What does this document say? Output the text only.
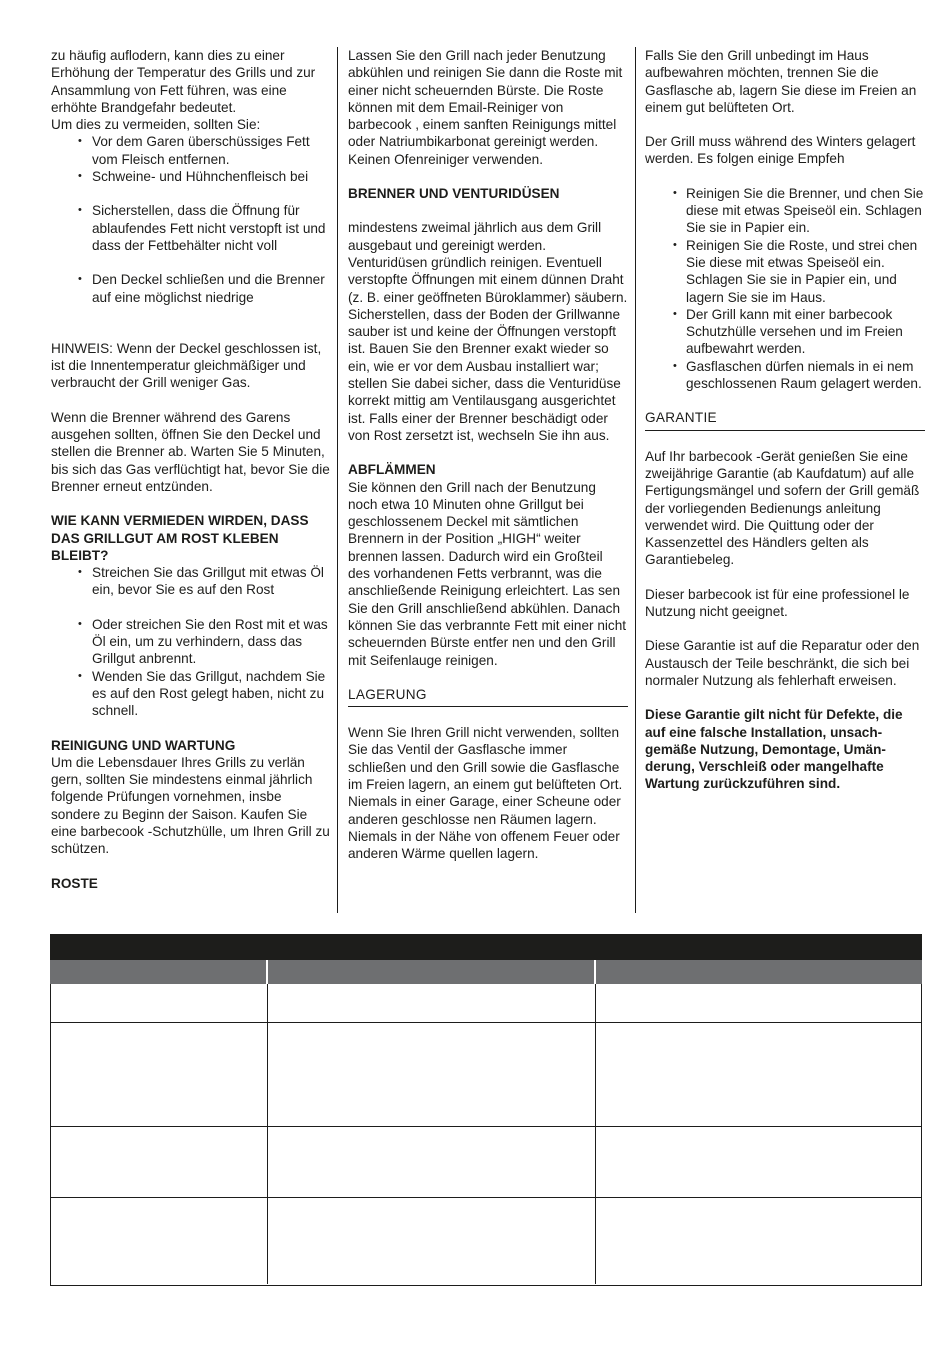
zu häufig auflodern, kann dies zu einer Erhöhung der Temperatur des Grills und zur Ansammlung von Fett führen, was eine erhöhte Brandgefahr bedeutet.

Um dies zu vermeiden, sollten Sie:

• Vor dem Garen überschüssiges Fett vom Fleisch entfernen.
• Schweine- und Hühnchenfleisch bei
• Sicherstellen, dass die Öffnung für ablaufendes Fett nicht verstopft ist und dass der Fettbehälter nicht voll
• Den Deckel schließen und die Brenner auf eine möglichst niedrige

HINWEIS: Wenn der Deckel geschlossen ist, ist die Innentemperatur gleichmäßiger und verbraucht der Grill weniger Gas.

Wenn die Brenner während des Garens ausgehen sollten, öffnen Sie den Deckel und stellen die Brenner ab. Warten Sie 5 Minuten, bis sich das Gas verflüchtigt hat, bevor Sie die Brenner erneut entzünden.

WIE KANN VERMIEDEN WIRDEN, DASS DAS GRILLGUT AM ROST KLEBEN BLEIBT?
• Streichen Sie das Grillgut mit etwas Öl ein, bevor Sie es auf den Rost
• Oder streichen Sie den Rost mit et was Öl ein, um zu verhindern, dass das Grillgut anbrennt.
• Wenden Sie das Grillgut, nachdem Sie es auf den Rost gelegt haben, nicht zu schnell.
REINIGUNG UND WARTUNG

Um die Lebensdauer Ihres Grills zu verlän gern, sollten Sie mindestens einmal jährlich folgende Prüfungen vornehmen, insbe sondere zu Beginn der Saison. Kaufen Sie eine barbecook -Schutzhülle, um Ihren Grill zu schützen.

ROSTE

Lassen Sie den Grill nach jeder Benutzung abkühlen und reinigen Sie dann die Roste mit einer nicht scheuernden Bürste. Die Roste können mit dem Email-Reiniger von barbecook , einem sanften Reinigungs mittel oder Natriumbikarbonat gereinigt werden. Keinen Ofenreiniger verwenden.

BRENNER UND VENTURIDÜSEN

mindestens zweimal jährlich aus dem Grill ausgebaut und gereinigt werden. Venturidüsen gründlich reinigen. Eventuell verstopfte Öffnungen mit einem dünnen Draht (z. B. einer geöffneten Büroklammer) säubern. Sicherstellen, dass der Boden der Grillwanne sauber ist und keine der Öffnungen verstopft ist. Bauen Sie den Brenner exakt wieder so ein, wie er vor dem Ausbau installiert war; stellen Sie dabei sicher, dass die Venturidüse korrekt mittig am Ventilausgang ausgerichtet ist. Falls einer der Brenner beschädigt oder von Rost zersetzt ist, wechseln Sie ihn aus.

ABFLÄMMEN

Sie können den Grill nach der Benutzung noch etwa 10 Minuten ohne Grillgut bei geschlossenem Deckel mit sämtlichen Brennern in der Position „HIGH“ weiter brennen lassen. Dadurch wird ein Großteil des vorhandenen Fetts verbrannt, was die anschließende Reinigung erleichtert. Las sen Sie den Grill anschließend abkühlen. Danach können Sie das verbrannte Fett mit einer nicht scheuernden Bürste entfer nen und den Grill mit Seifenlauge reinigen.

LAGERUNG

Wenn Sie Ihren Grill nicht verwenden, sollten Sie das Ventil der Gasflasche immer schließen und den Grill sowie die Gasflasche im Freien lagern, an einem gut belüfteten Ort. Niemals in einer Garage, einer Scheune oder anderen geschlosse nen Räumen lagern. Niemals in der Nähe von offenem Feuer oder anderen Wärme quellen lagern.

Falls Sie den Grill unbedingt im Haus aufbewahren möchten, trennen Sie die Gasflasche ab, lagern Sie diese im Freien an einem gut belüfteten Ort.

Der Grill muss während des Winters gelagert werden. Es folgen einige Empfeh

• Reinigen Sie die Brenner, und chen Sie diese mit etwas Speiseöl ein. Schlagen Sie sie in Papier ein.
• Reinigen Sie die Roste, und strei chen Sie diese mit etwas Speiseöl ein. Schlagen Sie sie in Papier ein, und lagern Sie sie im Haus.
• Der Grill kann mit einer barbecook Schutzhülle versehen und im Freien aufbewahrt werden.
• Gasflaschen dürfen niemals in ei nem geschlossenen Raum gelagert werden.
GARANTIE

Auf Ihr barbecook -Gerät genießen Sie eine zweijährige Garantie (ab Kaufdatum) auf alle Fertigungsmängel und sofern der Grill gemäß der vorliegenden Bedienungs anleitung verwendet wird. Die Quittung oder der Kassenzettel des Händlers gelten als Garantiebeleg.

Dieser barbecook ist für eine professionel le Nutzung nicht geeignet.

Diese Garantie ist auf die Reparatur oder den Austausch der Teile beschränkt, die sich bei normaler Nutzung als fehlerhaft erweisen.

Diese Garantie gilt nicht für Defekte, die auf eine falsche Installation, unsach- gemäße Nutzung, Demontage, Umän- derung, Verschleiß oder mangelhafte Wartung zurückzuführen sind.
